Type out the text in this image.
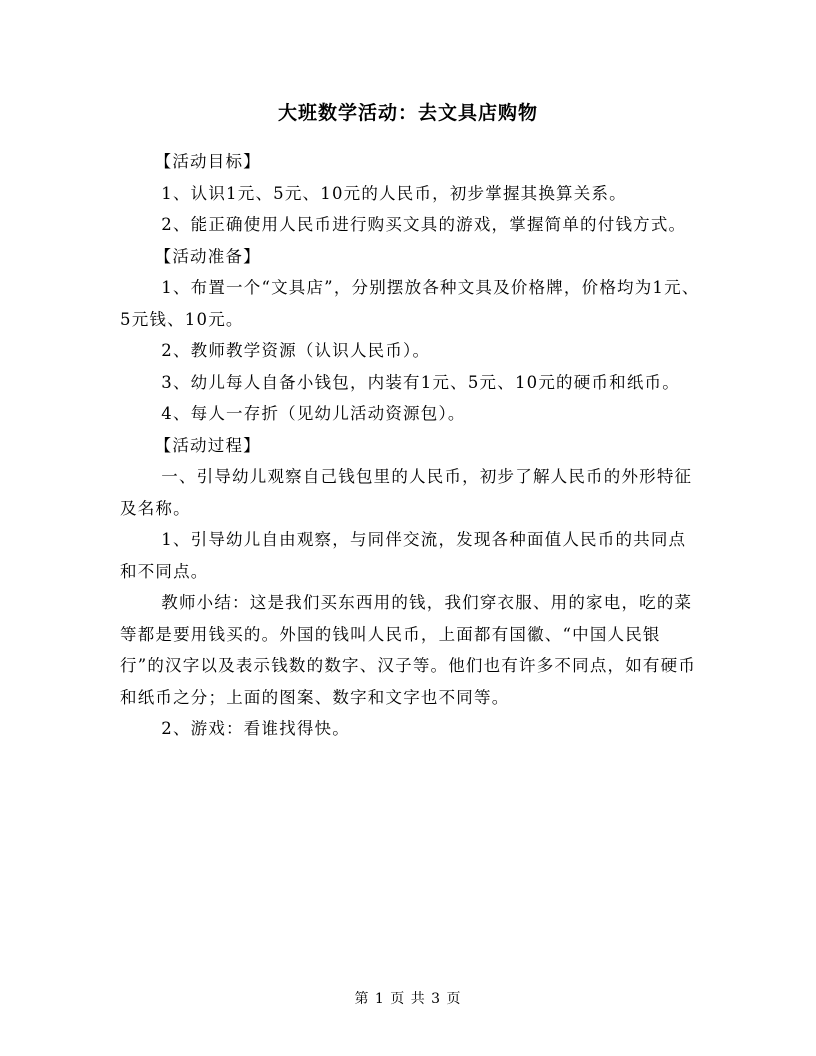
大班数学活动：去文具店购物

【活动目标】

1、认识1元、5元、10元的人民币，初步掌握其换算关系。

2、能正确使用人民币进行购买文具的游戏，掌握简单的付钱方式。

【活动准备】

1、布置一个“文具店”，分别摆放各种文具及价格牌，价格均为1元、5元钱、10元。

2、教师教学资源（认识人民币）。

3、幼儿每人自备小钱包，内装有1元、5元、10元的硬币和纸币。

4、每人一存折（见幼儿活动资源包）。

【活动过程】

一、引导幼儿观察自己钱包里的人民币，初步了解人民币的外形特征及名称。

1、引导幼儿自由观察，与同伴交流，发现各种面值人民币的共同点和不同点。

教师小结：这是我们买东西用的钱，我们穿衣服、用的家电，吃的菜等都是要用钱买的。外国的钱叫人民币，上面都有国徽、“中国人民银行”的汉字以及表示钱数的数字、汉子等。他们也有许多不同点，如有硬币和纸币之分；上面的图案、数字和文字也不同等。

2、游戏：看谁找得快。

第 1 页 共 3 页
